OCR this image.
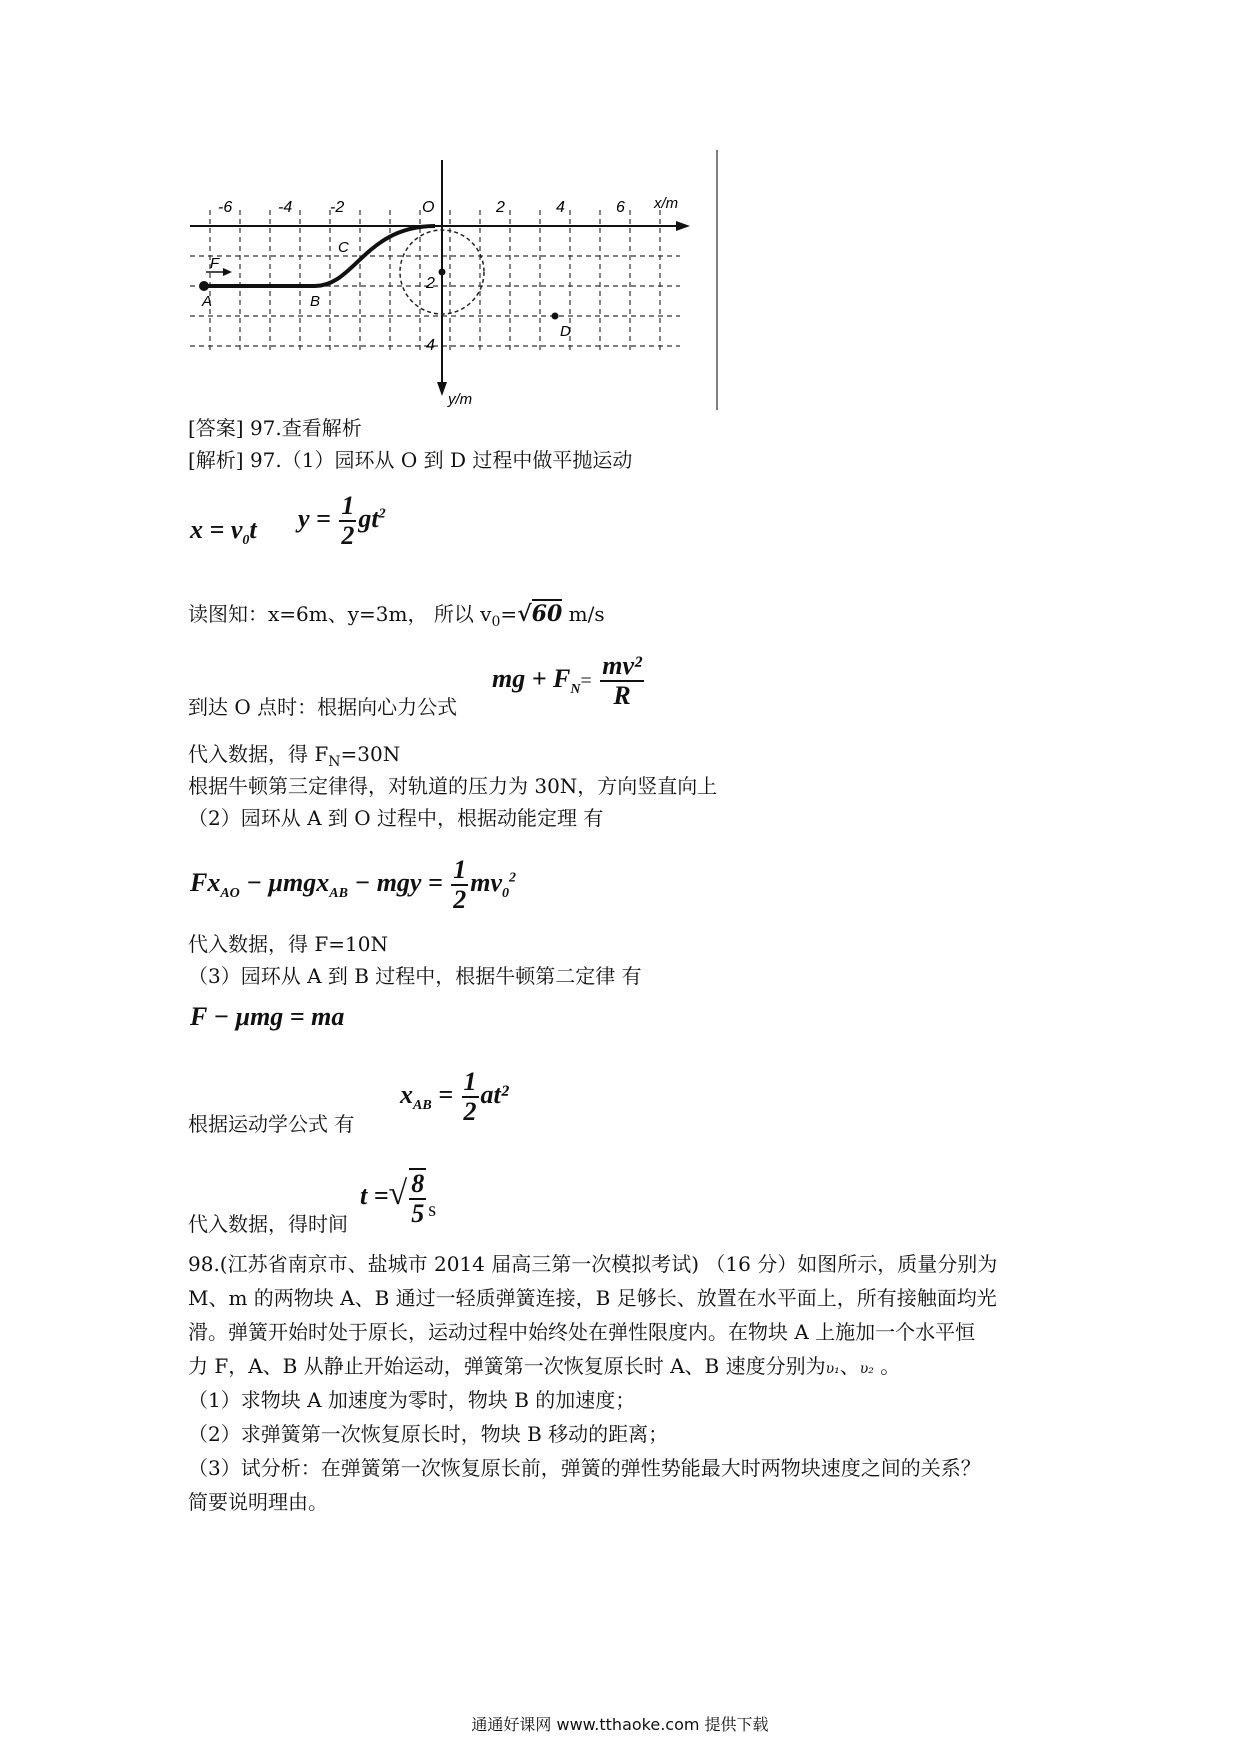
-6	-4 -2	O	2	4	6 x/m
2
4
y/m
A
F
B
C
D
[答案] 97.查看解析
[解析] 97.（1）园环从 O 到 D 过程中做平抛运动
$x = v_0t$ $y = \frac{1}{2} gt^2$
读图知：x=6m、y=3m， 所以 $v_0=√60$ m/s
到达 O 点时：根据向心力公式
mg + $F_N= \frac{\text{mv²}}{R}$
代入数据，得 $F_N=30N$
根据牛顿第三定律得，对轨道的压力为 30N，方向竖直向上
（2）园环从 A 到 O 过程中，根据动能定理 有
$Fx_{AO} - \mu mgx_{AB}$ − mgy = $\frac{1}{2} mv_0^2$
代入数据，得 F=10N
（3）园环从 A 到 B 过程中，根据牛顿第二定律 有
F − μmg = ma
根据运动学公式 有
$x_{AB} = \frac{1}{2} at^2$
代入数据，得时间
t =√ $\frac{8}{5} _s$
98.(江苏省南京市、盐城市 2014 届高三第一次模拟考试) （16 分）如图所示，质量分别为
M、m 的两物块 A、B 通过一轻质弹簧连接，B 足够长、放置在水平面上，所有接触面均光
滑。弹簧开始时处于原长，运动过程中始终处在弹性限度内。在物块 A 上施加一个水平恒
力 F，A、B 从静止开始运动，弹簧第一次恢复原长时 A、B 速度分别为υ₁、υ₂ 。
（1）求物块 A 加速度为零时，物块 B 的加速度；
（2）求弹簧第一次恢复原长时，物块 B 移动的距离；
（3）试分析：在弹簧第一次恢复原长前，弹簧的弹性势能最大时两物块速度之间的关系？
简要说明理由。
通通好课网 www.tthaoke.com 提供下载
